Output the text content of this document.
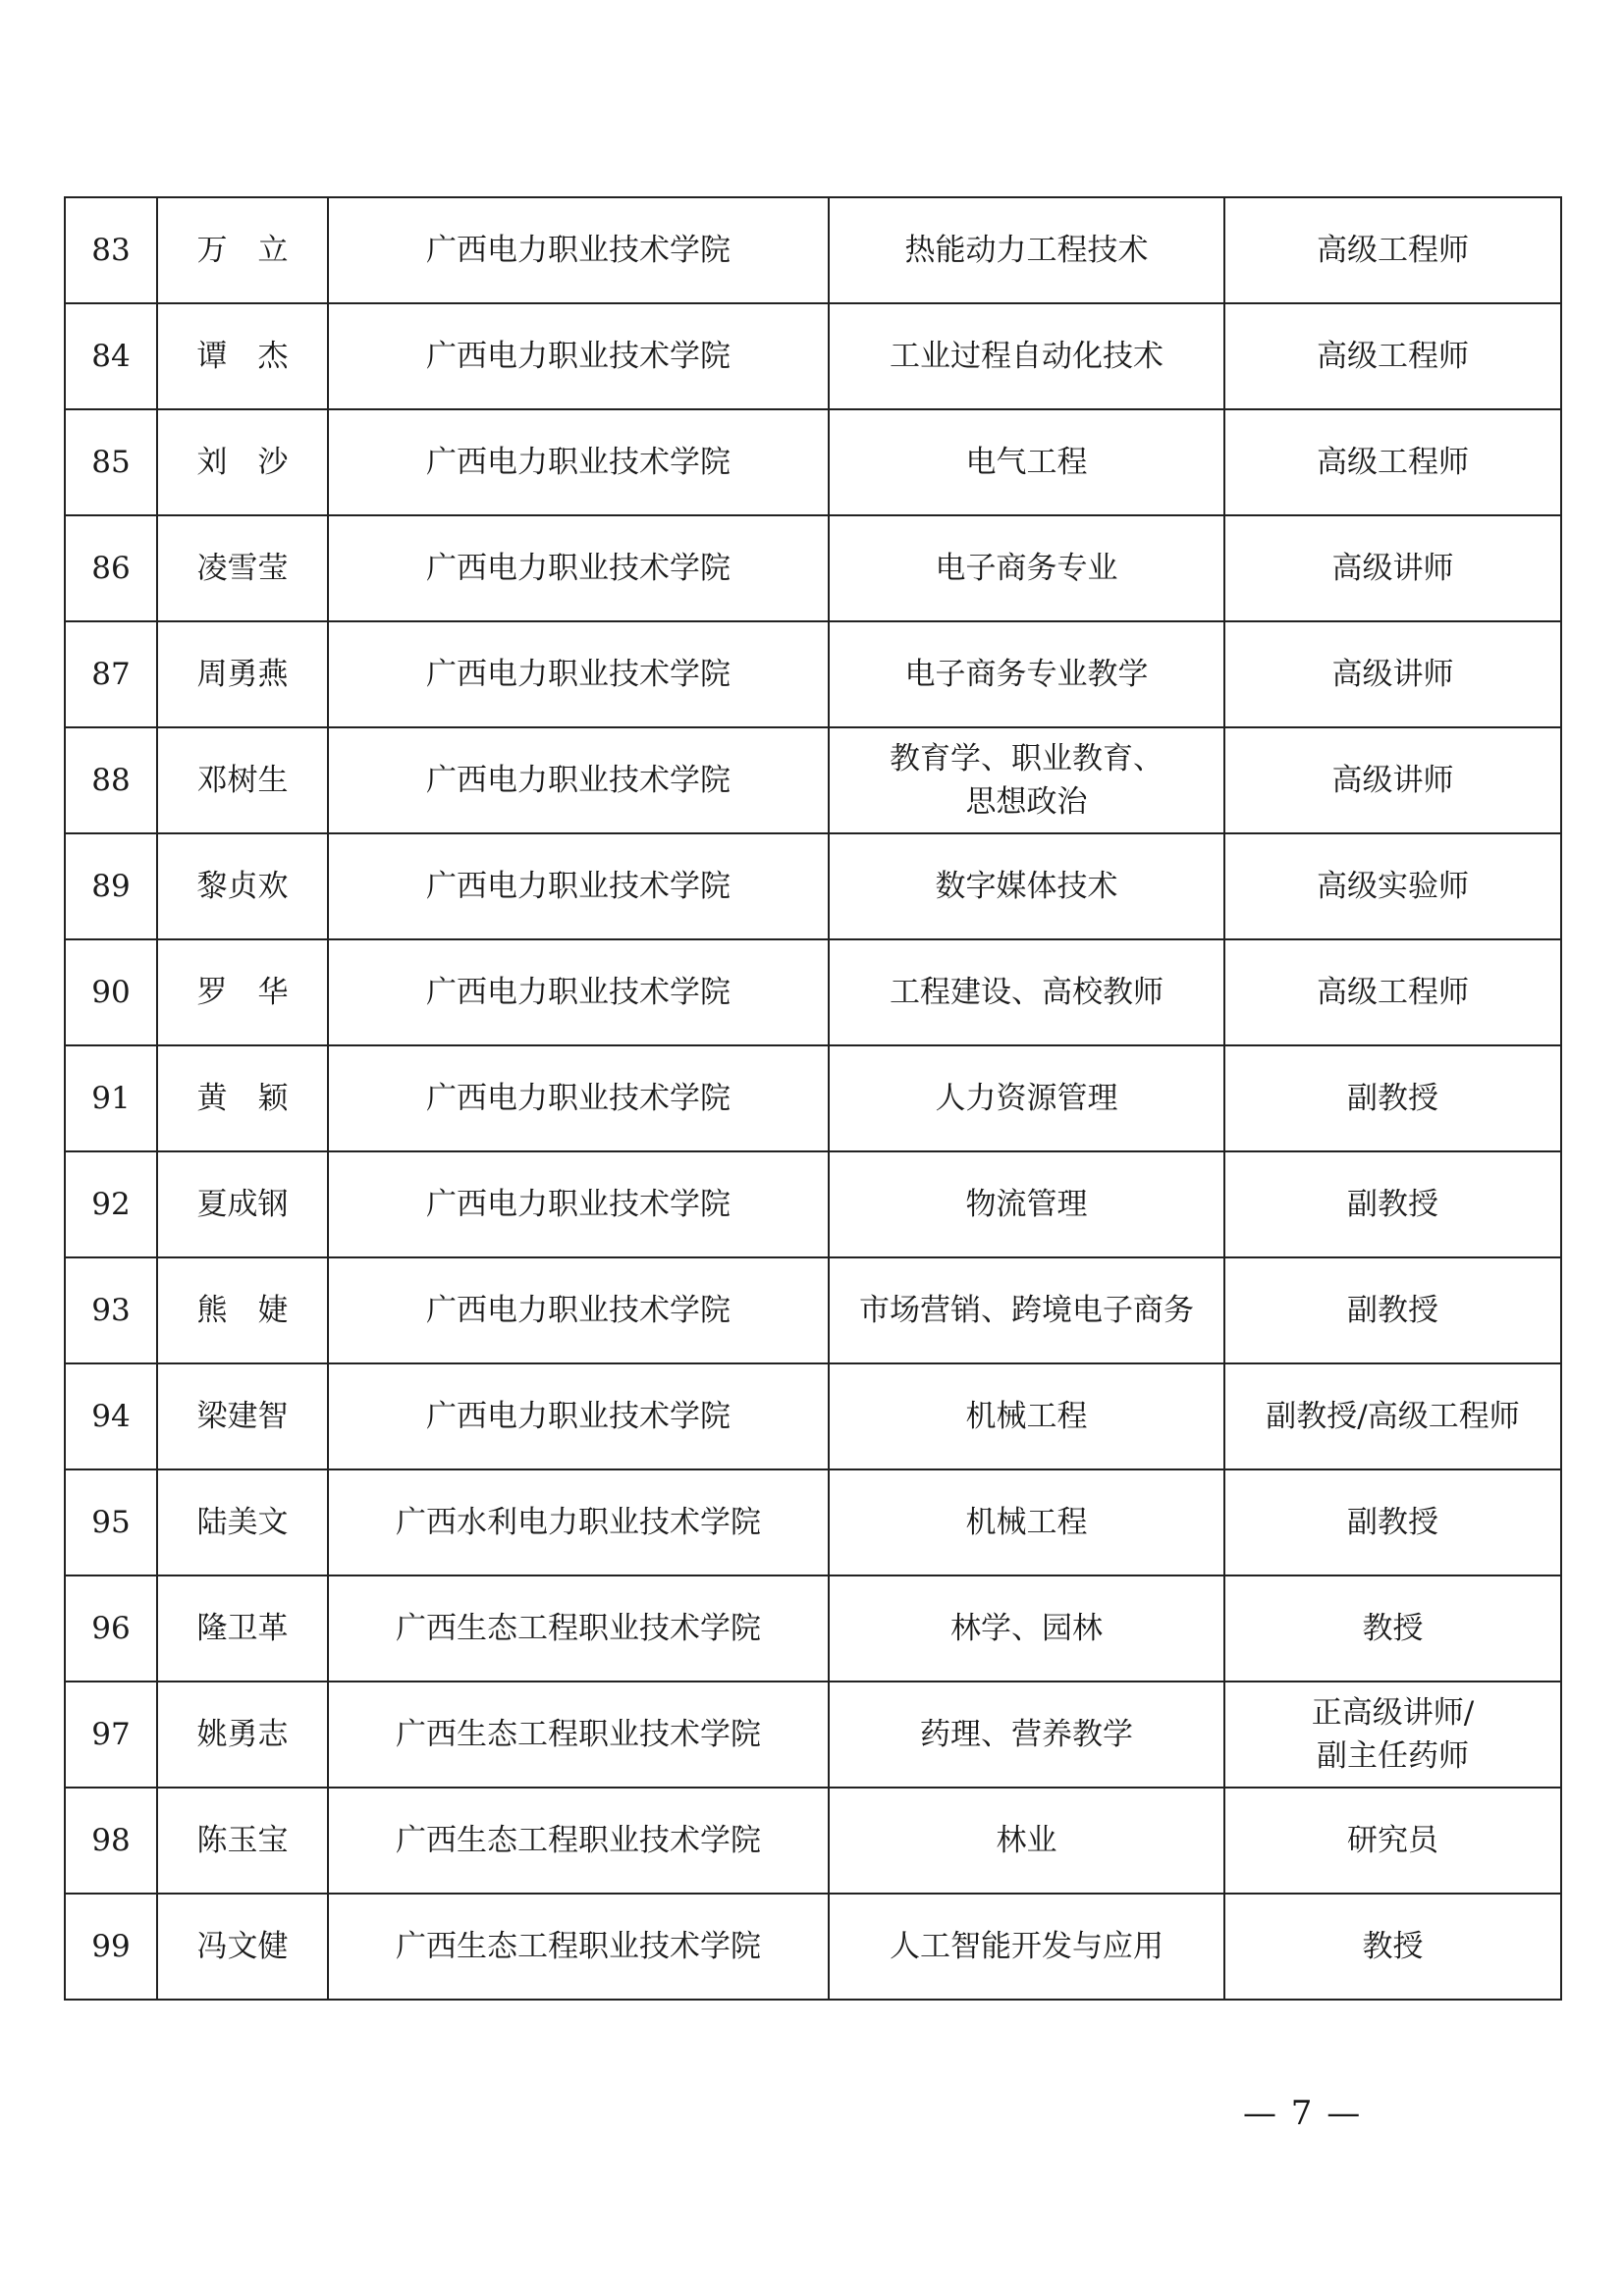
83	万　立	广西电力职业技术学院	热能动力工程技术	高级工程师

84	谭　杰	广西电力职业技术学院	工业过程自动化技术	高级工程师

85	刘　沙	广西电力职业技术学院	电气工程	高级工程师

86	凌雪莹	广西电力职业技术学院	电子商务专业	高级讲师

87	周勇燕	广西电力职业技术学院	电子商务专业教学	高级讲师

88	邓树生	广西电力职业技术学院	教育学、职业教育、
思想政治	高级讲师

89	黎贞欢	广西电力职业技术学院	数字媒体技术	高级实验师

90	罗　华	广西电力职业技术学院	工程建设、高校教师	高级工程师

91	黄　颖	广西电力职业技术学院	人力资源管理	副教授

92	夏成钢	广西电力职业技术学院	物流管理	副教授

93	熊　婕	广西电力职业技术学院	市场营销、跨境电子商务	副教授

94	梁建智	广西电力职业技术学院	机械工程	副教授/高级工程师

95	陆美文	广西水利电力职业技术学院	机械工程	副教授

96	隆卫革	广西生态工程职业技术学院	林学、园林	教授

97	姚勇志	广西生态工程职业技术学院	药理、营养教学	正高级讲师/
副主任药师

98	陈玉宝	广西生态工程职业技术学院	林业	研究员

99	冯文健	广西生态工程职业技术学院	人工智能开发与应用	教授
— 7 —
